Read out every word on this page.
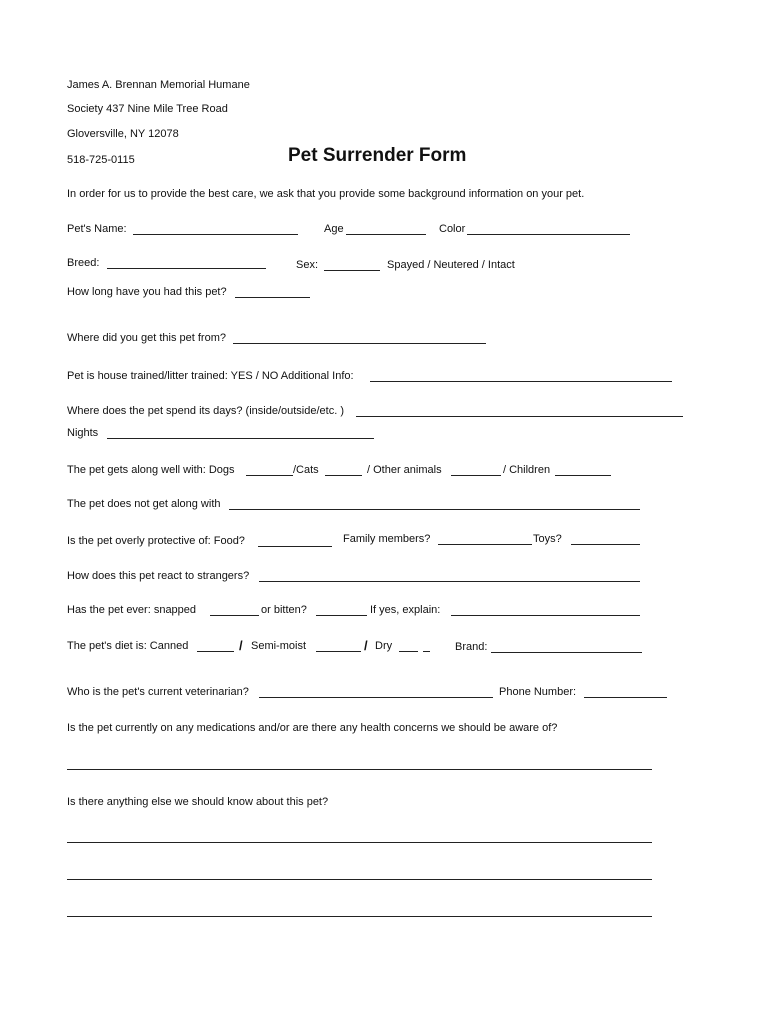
James A. Brennan Memorial Humane
Society 437 Nine Mile Tree Road
Gloversville, NY 12078
518-725-0115	Pet Surrender Form
In order for us to provide the best care, we ask that you provide some background information on your pet.
Pet's Name:	Age	Color
Breed:	Sex:	Spayed / Neutered / Intact
How long have you had this pet?
Where did you get this pet from?
Pet is house trained/litter trained: YES / NO Additional Info:
Where does the pet spend its days? (inside/outside/etc. )
Nights
The pet gets along well with: Dogs	/Cats	/ Other animals	/ Children
The pet does not get along with
Is the pet overly protective of: Food?	Family members?	Toys?
How does this pet react to strangers?
Has the pet ever: snapped	or bitten?	If yes, explain:
The pet's diet is: Canned	/ Semi-moist	/ Dry	Brand:
Who is the pet's current veterinarian?	Phone Number:
Is the pet currently on any medications and/or are there any health concerns we should be aware of?
Is there anything else we should know about this pet?
